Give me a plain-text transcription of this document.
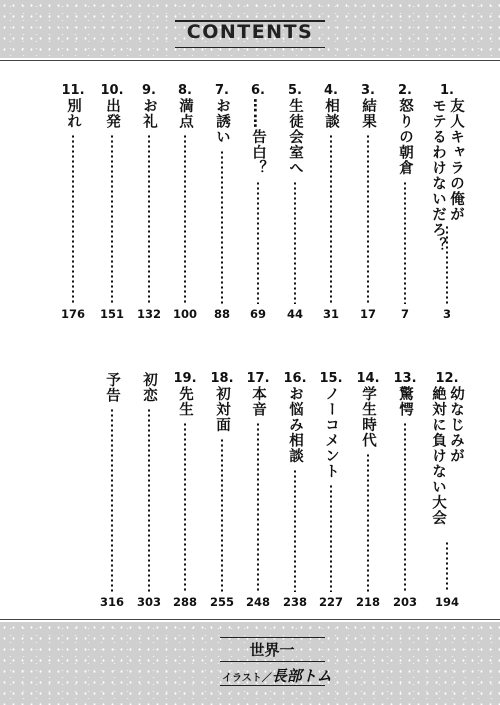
CONTENTS
1.
友人キャラの俺が
モテるわけないだろ？
3
2.
怒りの朝倉
7
3.
結果
17
4.
相談
31
5.
生徒会室へ
44
6.
……告白？
69
7.
お誘い
88
8.
満点
100
9.
お礼
132
10.
出発
151
11.
別れ
176
12.
幼なじみが
絶対に負けない大会
194
13.
驚愕
203
14.
学生時代
218
15.
ノーコメント
227
16.
お悩み相談
238
17.
本音
248
18.
初対面
255
19.
先生
288
初恋
303
予告
316
世界一
イラスト／長部トム
